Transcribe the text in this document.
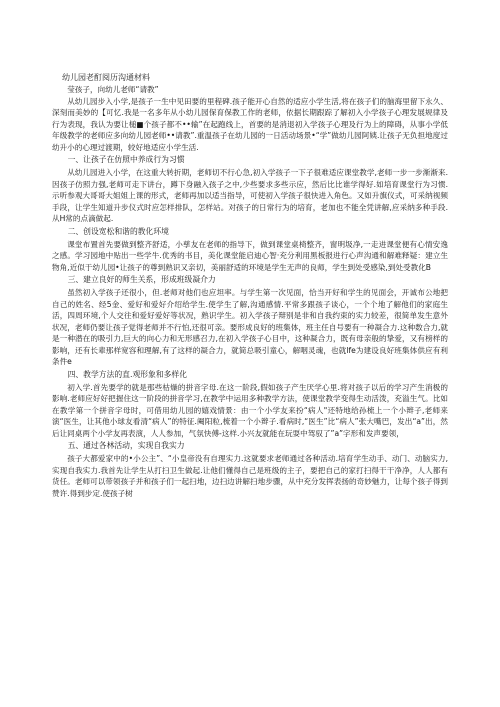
幼儿园老酊阅历沟通材料
莹孩子，向幼儿老师“请教”
从幼儿园步入小学,是孩子一生中见田要的里程碑.孩子能开心自然的适应小学生活,将在孩子们的脑海里留下永久、深刻而美妙的【可忆.我是一名多年从小幼儿园保育保教工作的老师，依据长期跟踪了解初入小学孩子心理发展规律及行为表现，我认为要让槌■个孩子都不••输”在起跑线上，首要的是消退初入学孩子心理及行为上的障碍，从事小学低年级教学的老师应多向幼儿园老师••请教”.重温孩子在幼儿园的一日活动场景•“学”做幼儿园阿姨.让孩子无负担地度过幼升小的心理过渡期，较好地适应小学生活.
一、让孩子在仿照中养成行为习惯
从幼儿园进入小学，在这重大转折期，老师切不行心急,初入学孩子一下子很难适应课堂教学,老师一步一步渐渐来.因孩子仿照力强,老师可走下讲台，蹲下身融入孩子之中,少些要求多些示应，然后比比谁学得好.如培育课堂行为习惯.示听参观大哥哥大姐姐上课的形式，老师再加以适当指导，可使初入学孩子很快进入角色。又如升旗仪式，可采纳视频手段，让学生知道升步仪式时应怎样排队，怎样站。对孩子的日常行为的培育，老加也不能全凭讲解,应采纳多种手段.从H常的点滴做起.
二、创设宽松和谐的教化环境
课堂布置首先要做到整齐舒适，小孳友在老师的指导下，做到课堂桌椅整齐，窗明圾净,一走进课堂便有心情安逸之感。学习园地中贴出一些学牛.优秀的书目，美化课堂能启迪心智·充分利用黑板报进行心声沟通和解难释疑：建立生物角,近似于幼儿园•让孩子的尊到熟识又亲切，美丽舒适的环境是学生无声的良师，学生到处受感染,到处受教化B
三、建立良好的师生关系，形成班级凝介力
虽然初入学孩子还很小，但.老师对他们也应坦率。与学生第一次见面，恰当开好和学生的见面会，开诚布公地把自己的姓名、经5金、爱好和爱好介绍给学生.使学生了解,沟通感情.平常多跟孩子谈心，一个个地了解他们的家庭生活，四周环境,个人交往和爱好爱好等状况，熟识学生。初入学孩子辩别是非和自我约束的实力较差，很简单发生意外状况，老师仍要让孩子觉得老师并不行怕,还很可亲。要形成良好的班集体，班主任自号要有一种凝合力.这种数合力,就是一种潜在的吸引力,巨大的向心力和无形感召力,在初入学孩子心目中，这种凝合力，既有母亲般的挚爱，又有榜样的影响，还有长辈那样宽容和理解,有了这样的凝合力，就简总吸引童心，解咽灵魂，也就lfe为建设良好班集体供应有利条件e
四、教学方法的直.观形象和多样化
初入学.首先要学的就是那些枯燥的拼音字母.在这一阶段,假如孩子产生厌学心里.将对孩子以后的学习产生消极的影响.老师应好好把握住这一阶段的拼音学习,在教学中运用多种教学方法，使课堂教学变得生动活泼，充溢生气。比如在教学第一个拼音字母时，可借用幼儿园的嬉戏情景：由一个小学友来扮“病人"还特地给孙梳上一个小辫子,老师来演“医生，让其他小球友看清“病人”的特征.阉阳粒,梳着一个小辫子.看病时,“医生”比“病人”张大嘴巴，发出“a”出，然后让同桌两个小学友再表演，人人参加，气氛快傅-这样.小兴友就能在玩耍中驾驭了”a”字形和发声要领，
五、通过各林活动，实现自我实力
孩子大都爱家中的•小公主”、“小皇帝没有自理实力.这就要求老师通过各种活动.培育学生动手、动门、动脑实力,实现自我实力.我首先让学生从打扫卫生做起.让他们懂得自己是班级的主子，要把自己的家打扫得干干净净，人人都有货任。老师可以带领孩子并和孩子们一起扫地，边扫边讲解扫地步骤，从中充分发挥表扬的奇妙魅力，让每个孩子得到赞许.得到步定.使孩子树
